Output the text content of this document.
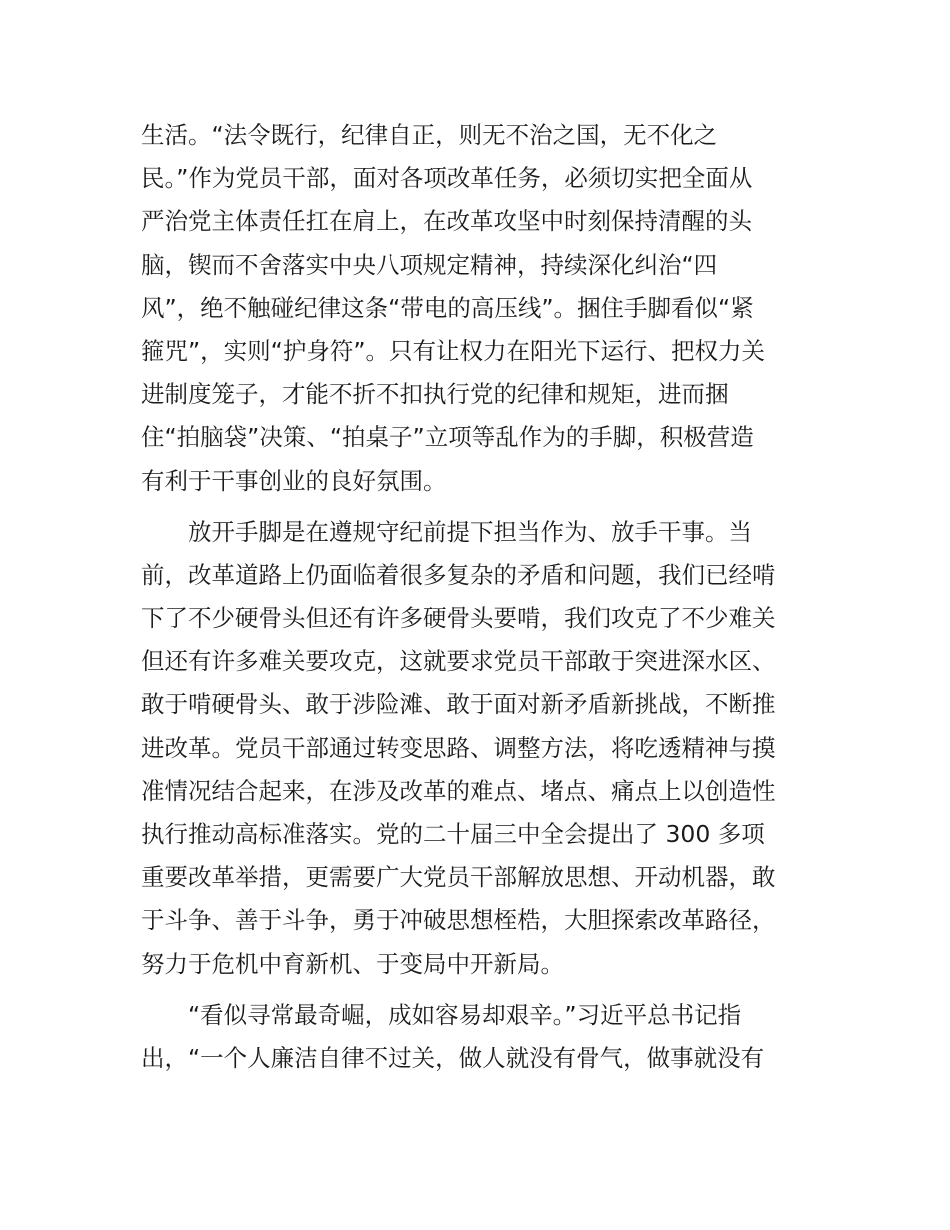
生活。“法令既行，纪律自正，则无不治之国，无不化之
民。”作为党员干部，面对各项改革任务，必须切实把全面从
严治党主体责任扛在肩上，在改革攻坚中时刻保持清醒的头
脑，锲而不舍落实中央八项规定精神，持续深化纠治“四
风”，绝不触碰纪律这条“带电的高压线”。捆住手脚看似“紧
箍咒”，实则“护身符”。只有让权力在阳光下运行、把权力关
进制度笼子，才能不折不扣执行党的纪律和规矩，进而捆
住“拍脑袋”决策、“拍桌子”立项等乱作为的手脚，积极营造
有利于干事创业的良好氛围。
放开手脚是在遵规守纪前提下担当作为、放手干事。当
前，改革道路上仍面临着很多复杂的矛盾和问题，我们已经啃
下了不少硬骨头但还有许多硬骨头要啃，我们攻克了不少难关
但还有许多难关要攻克，这就要求党员干部敢于突进深水区、
敢于啃硬骨头、敢于涉险滩、敢于面对新矛盾新挑战，不断推
进改革。党员干部通过转变思路、调整方法，将吃透精神与摸
准情况结合起来，在涉及改革的难点、堵点、痛点上以创造性
执行推动高标准落实。党的二十届三中全会提出了 300 多项
重要改革举措，更需要广大党员干部解放思想、开动机器，敢
于斗争、善于斗争，勇于冲破思想桎梏，大胆探索改革路径，
努力于危机中育新机、于变局中开新局。
“看似寻常最奇崛，成如容易却艰辛。”习近平总书记指
出，“一个人廉洁自律不过关，做人就没有骨气，做事就没有
